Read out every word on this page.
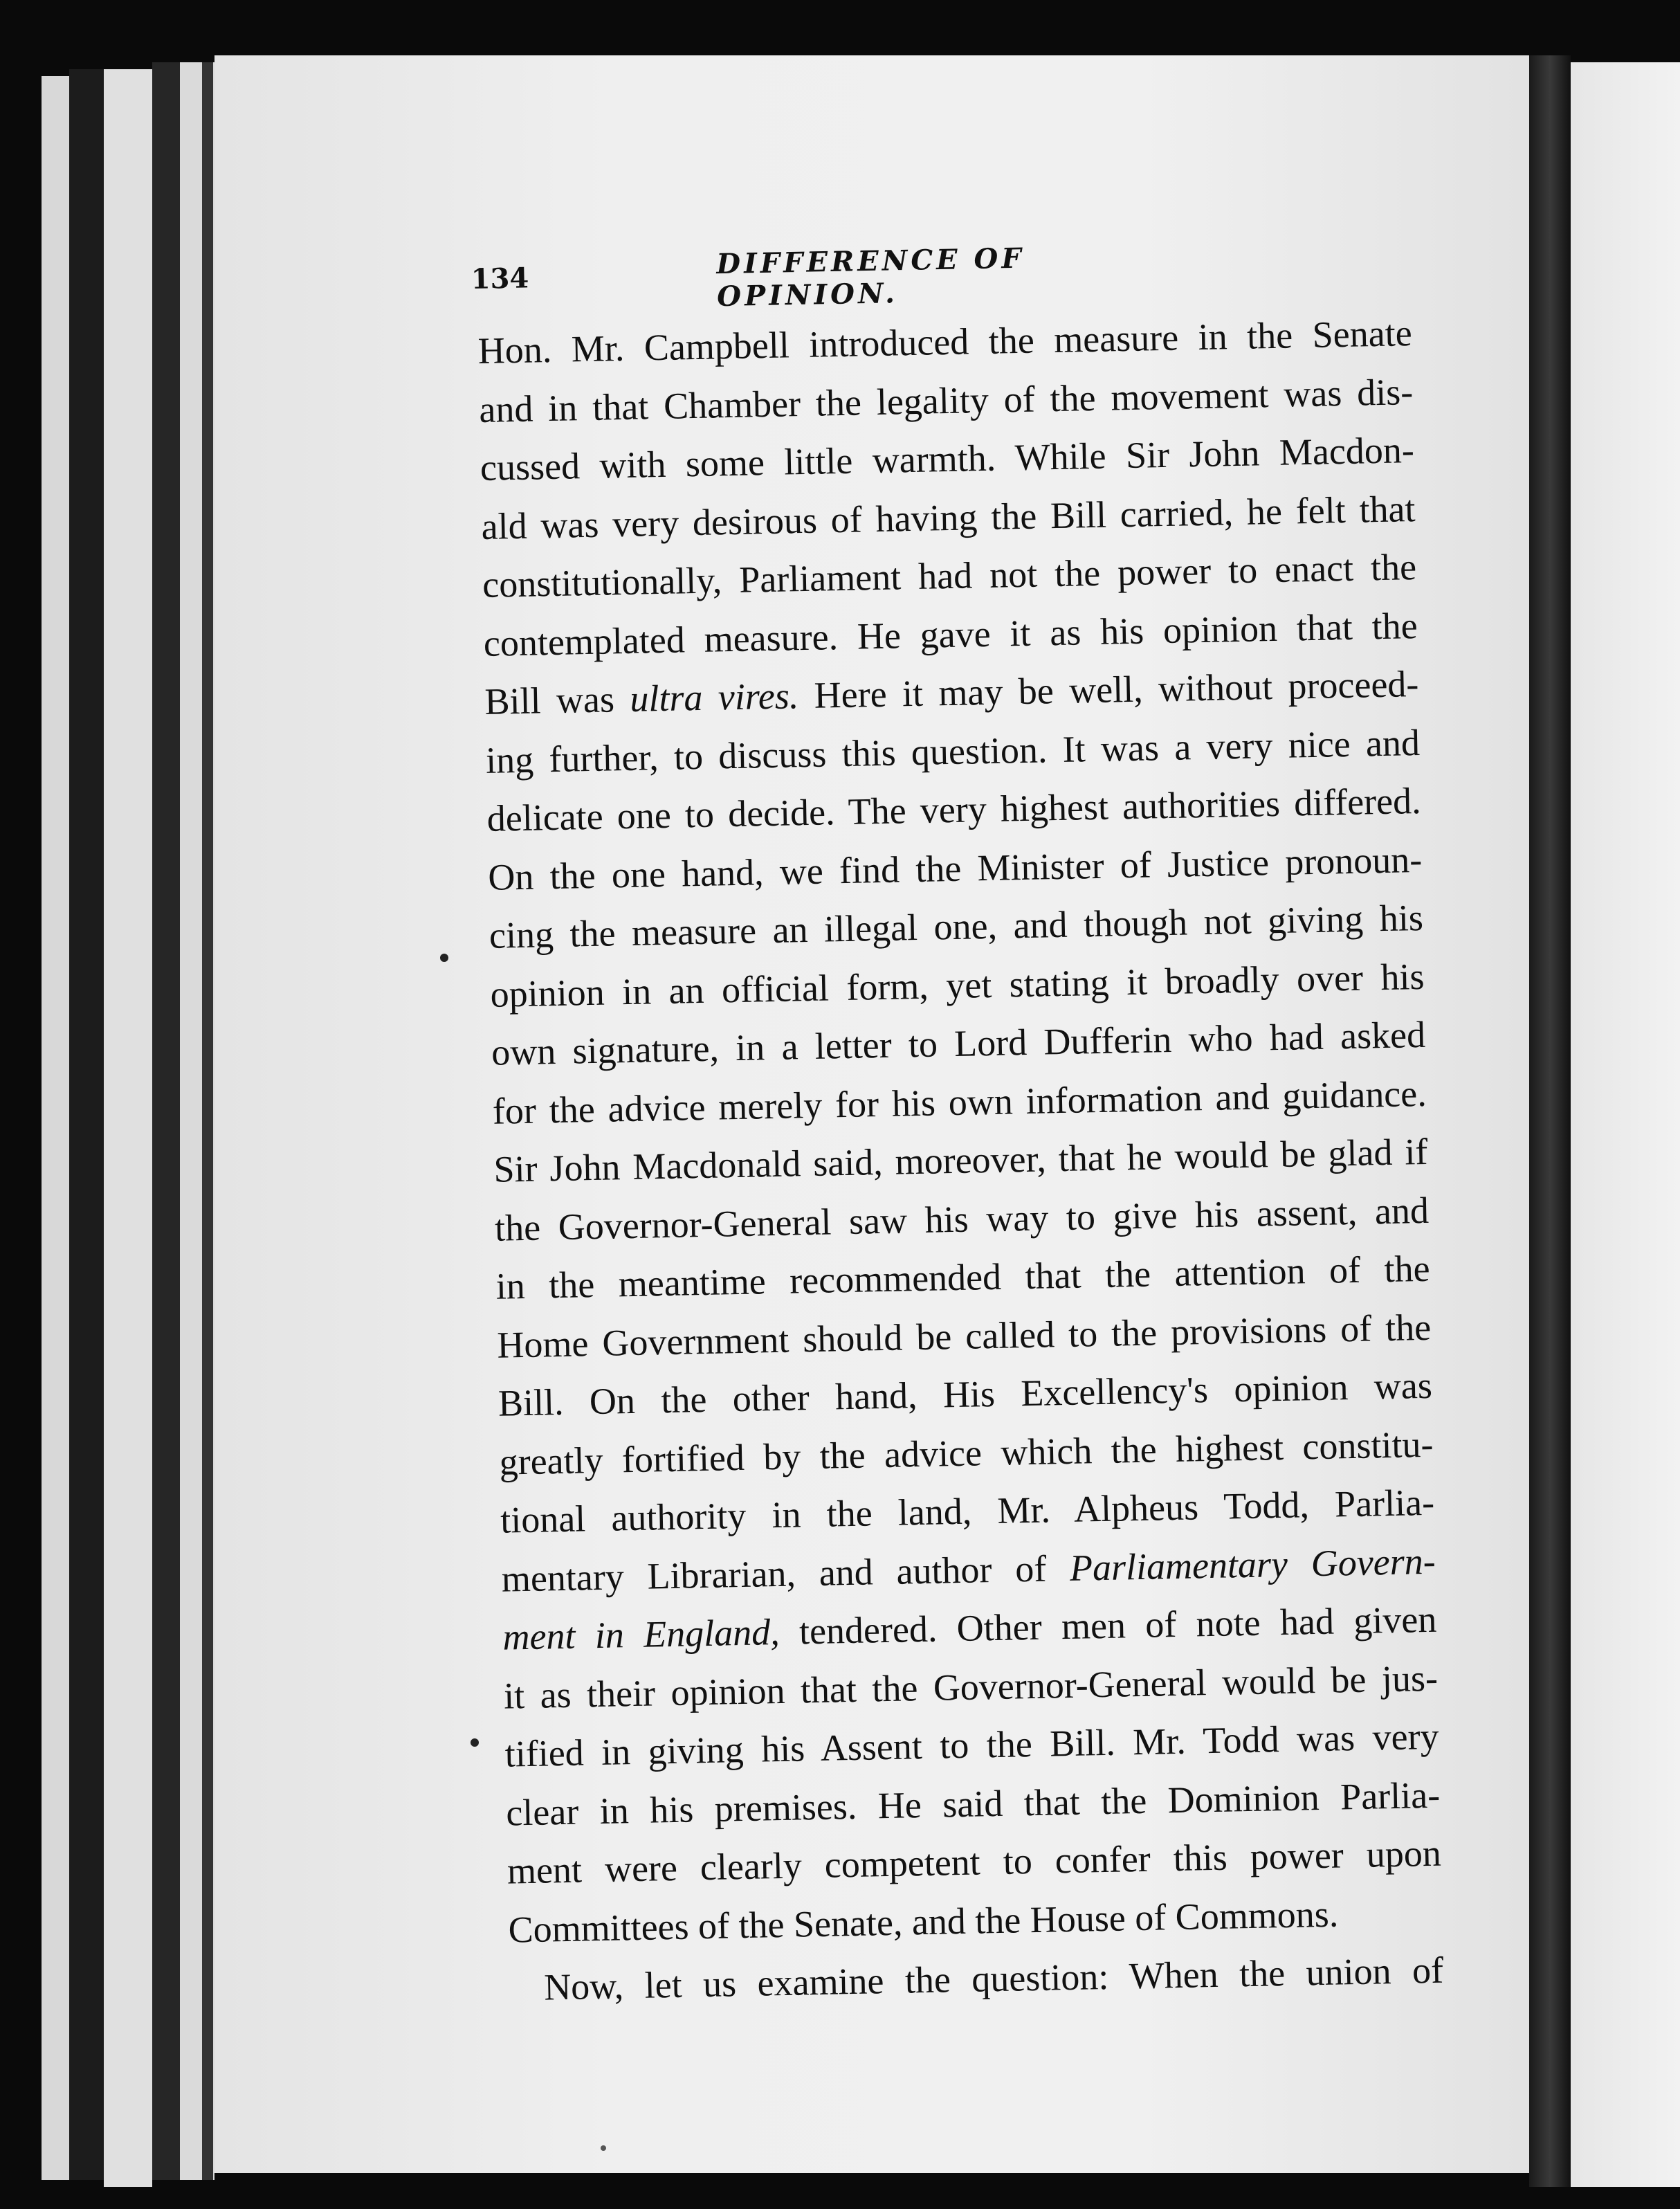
134	DIFFERENCE OF OPINION.
Hon. Mr. Campbell introduced the measure in the Senate
and in that Chamber the legality of the movement was dis-
cussed with some little warmth. While Sir John Macdon-
ald was very desirous of having the Bill carried, he felt that
constitutionally, Parliament had not the power to enact the
contemplated measure. He gave it as his opinion that the
Bill was ultra vires. Here it may be well, without proceed-
ing further, to discuss this question. It was a very nice and
delicate one to decide. The very highest authorities differed.
On the one hand, we find the Minister of Justice pronoun-
cing the measure an illegal one, and though not giving his
opinion in an official form, yet stating it broadly over his
own signature, in a letter to Lord Dufferin who had asked
for the advice merely for his own information and guidance.
Sir John Macdonald said, moreover, that he would be glad if
the Governor-General saw his way to give his assent, and
in the meantime recommended that the attention of the
Home Government should be called to the provisions of the
Bill. On the other hand, His Excellency's opinion was
greatly fortified by the advice which the highest constitu-
tional authority in the land, Mr. Alpheus Todd, Parlia-
mentary Librarian, and author of Parliamentary Govern-
ment in England, tendered. Other men of note had given
it as their opinion that the Governor-General would be jus-
tified in giving his Assent to the Bill. Mr. Todd was very
clear in his premises. He said that the Dominion Parlia-
ment were clearly competent to confer this power upon
Committees of the Senate, and the House of Commons.
Now, let us examine the question: When the union of
